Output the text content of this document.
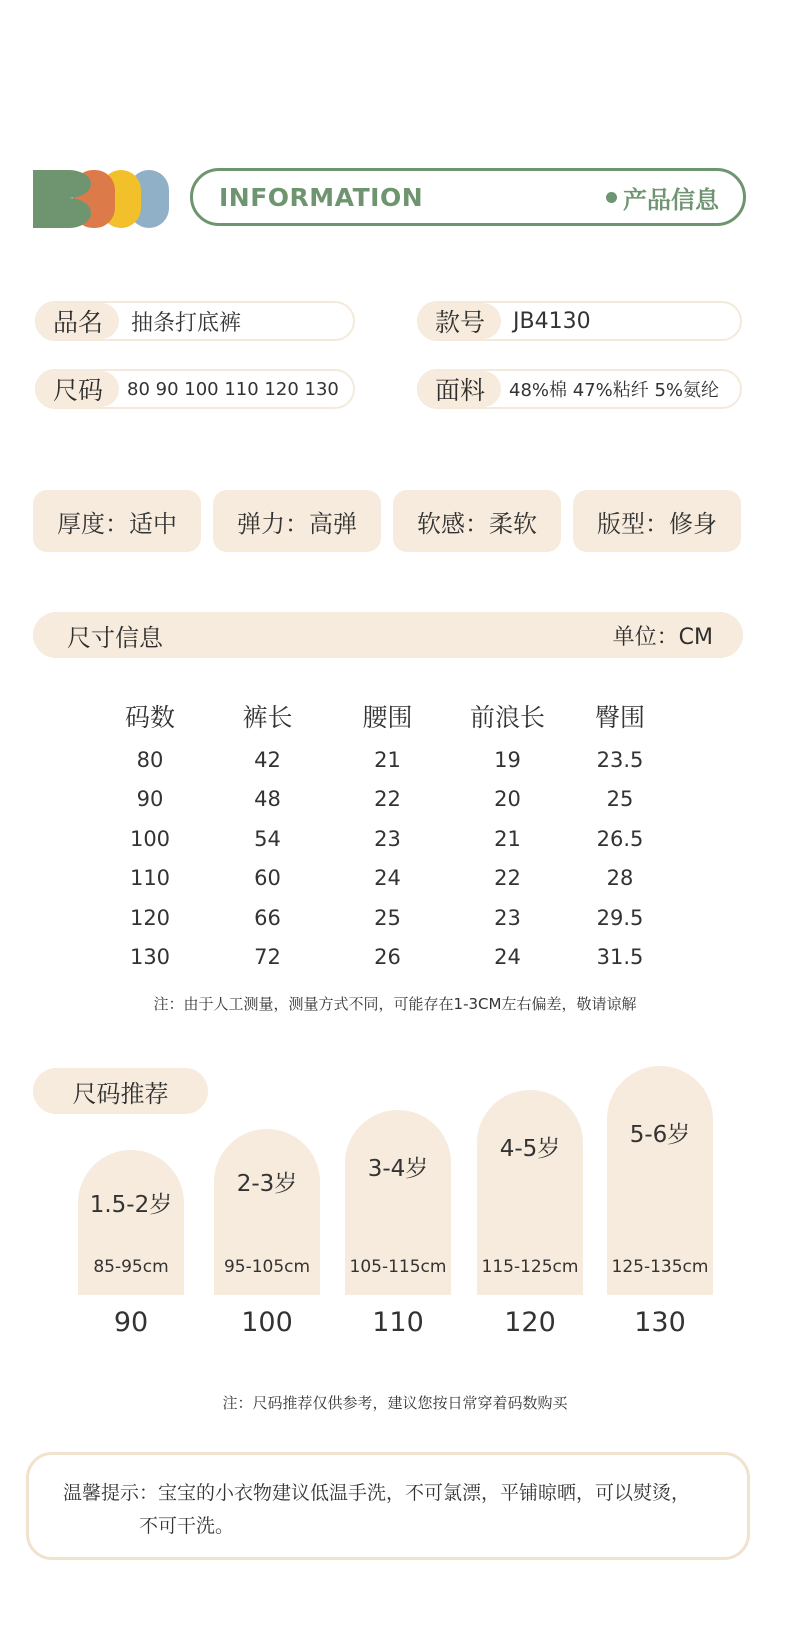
INFORMATION	产品信息
品名	抽条打底裤	款号	JB4130
尺码	80 90 100 110 120 130	面料	48%棉 47%粘纤 5%氨纶
厚度：适中	弹力：高弹	软感：柔软	版型：修身
尺寸信息	单位：CM
码数	裤长	腰围	前浪长	臀围
80	42	21	19	23.5
90	48	22	20	25
100	54	23	21	26.5
110	60	24	22	28
120	66	25	23	29.5
130	72	26	24	31.5
注：由于人工测量，测量方式不同，可能存在1-3CM左右偏差，敬请谅解
尺码推荐
1.5-2岁
85-95cm
90
2-3岁
95-105cm
100
3-4岁
105-115cm
110
4-5岁
115-125cm
120
5-6岁
125-135cm
130
注：尺码推荐仅供参考，建议您按日常穿着码数购买
温馨提示：宝宝的小衣物建议低温手洗，不可氯漂，平铺晾晒，可以熨烫，
不可干洗。
